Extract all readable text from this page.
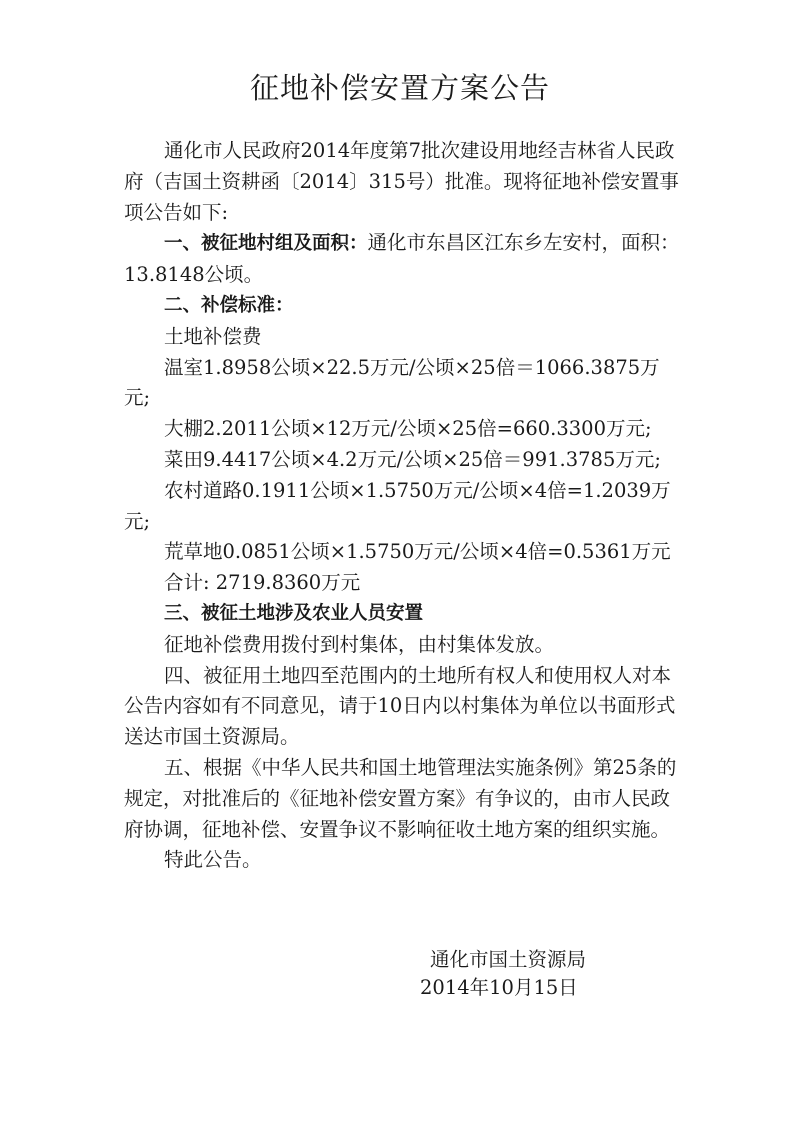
征地补偿安置方案公告

通化市人民政府2014年度第7批次建设用地经吉林省人民政府（吉国土资耕函〔2014〕315号）批准。现将征地补偿安置事项公告如下:

一、被征地村组及面积：通化市东昌区江东乡左安村，面积：13.8148公顷。

二、补偿标准：

土地补偿费

温室1.8958公顷×22.5万元/公顷×25倍＝1066.3875万元;

大棚2.2011公顷×12万元/公顷×25倍=660.3300万元;

菜田9.4417公顷×4.2万元/公顷×25倍＝991.3785万元;

农村道路0.1911公顷×1.5750万元/公顷×4倍=1.2039万元;

荒草地0.0851公顷×1.5750万元/公顷×4倍=0.5361万元

合计: 2719.8360万元

三、被征土地涉及农业人员安置

征地补偿费用拨付到村集体，由村集体发放。

四、被征用土地四至范围内的土地所有权人和使用权人对本公告内容如有不同意见，请于10日内以村集体为单位以书面形式送达市国土资源局。

五、根据《中华人民共和国土地管理法实施条例》第25条的规定，对批准后的《征地补偿安置方案》有争议的，由市人民政府协调，征地补偿、安置争议不影响征收土地方案的组织实施。

特此公告。

通化市国土资源局
2014年10月15日
